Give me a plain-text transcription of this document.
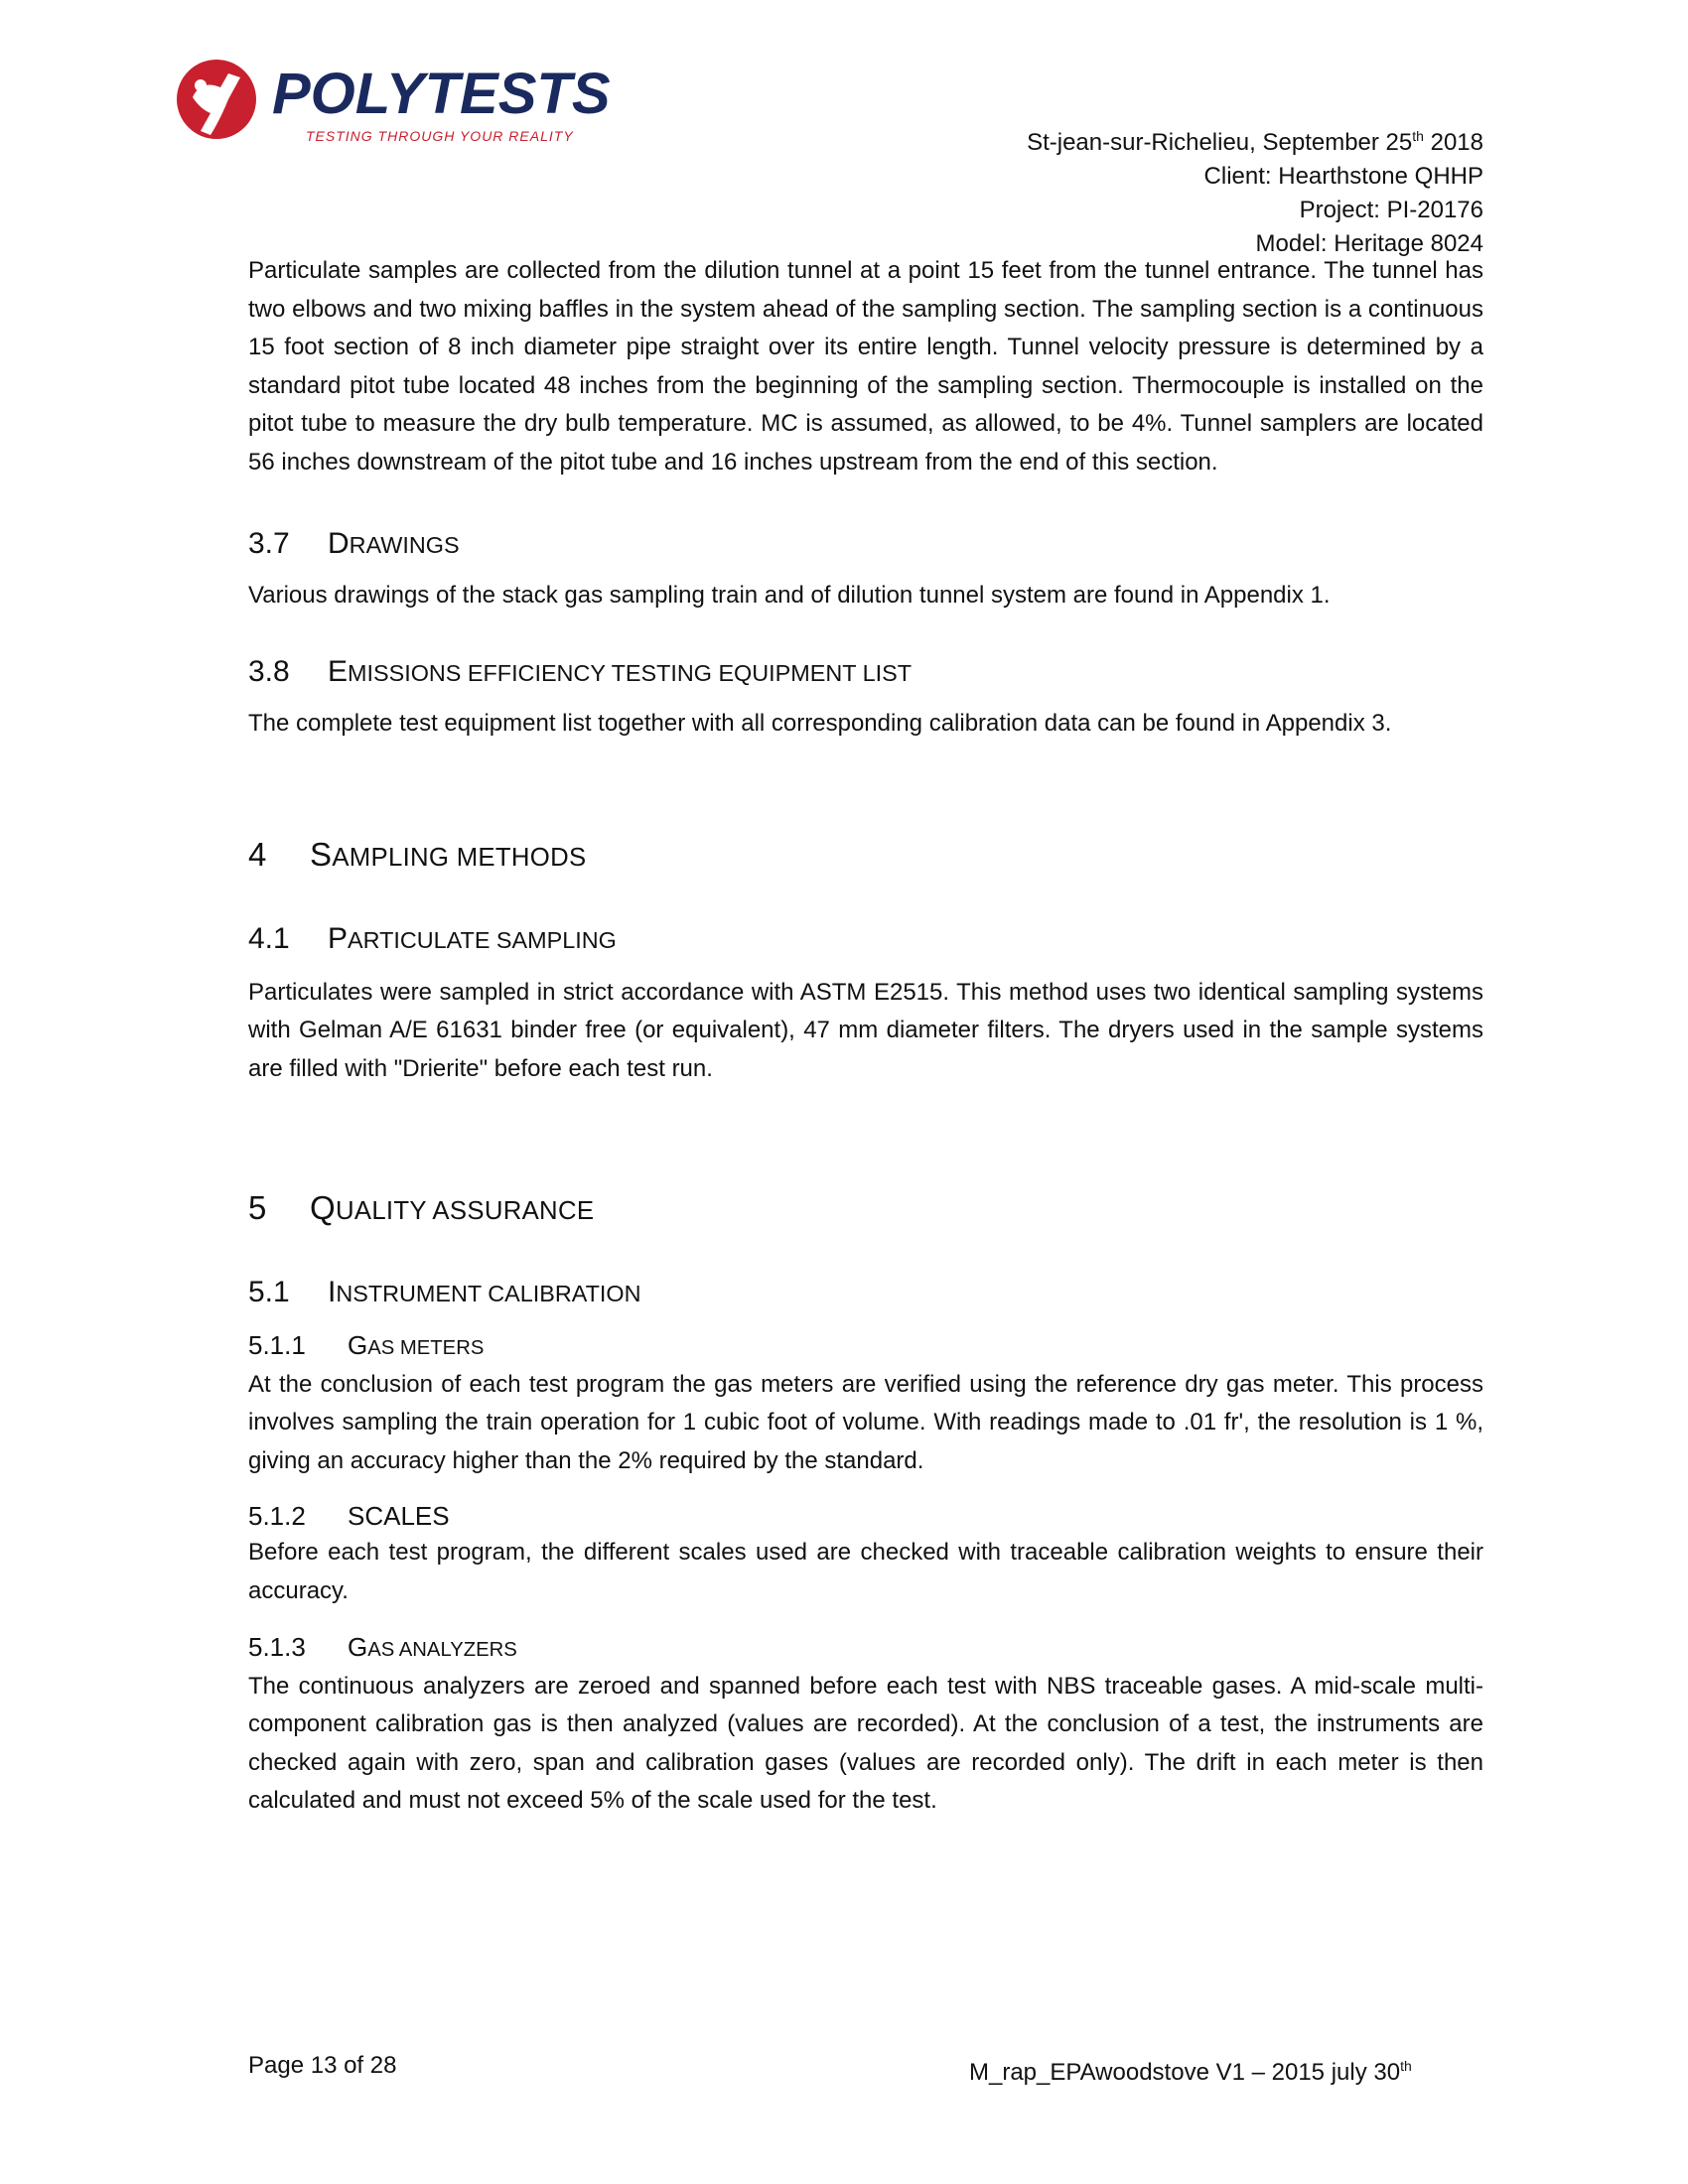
POLYTESTS
TESTING THROUGH YOUR REALITY	St-jean-sur-Richelieu, September 25th 2018
Client: Hearthstone QHHP
Project: PI-20176
Model: Heritage 8024

Particulate samples are collected from the dilution tunnel at a point 15 feet from the tunnel entrance. The tunnel has two elbows and two mixing baffles in the system ahead of the sampling section. The sampling section is a continuous 15 foot section of 8 inch diameter pipe straight over its entire length. Tunnel velocity pressure is determined by a standard pitot tube located 48 inches from the beginning of the sampling section. Thermocouple is installed on the pitot tube to measure the dry bulb temperature. MC is assumed, as allowed, to be 4%. Tunnel samplers are located 56 inches downstream of the pitot tube and 16 inches upstream from the end of this section.

3.7 DRAWINGS

Various drawings of the stack gas sampling train and of dilution tunnel system are found in Appendix 1.

3.8 EMISSIONS EFFICIENCY TESTING EQUIPMENT LIST

The complete test equipment list together with all corresponding calibration data can be found in Appendix 3.

4 SAMPLING METHODS
4.1 PARTICULATE SAMPLING

Particulates were sampled in strict accordance with ASTM E2515. This method uses two identical sampling systems with Gelman A/E 61631 binder free (or equivalent), 47 mm diameter filters. The dryers used in the sample systems are filled with "Drierite" before each test run.

5 QUALITY ASSURANCE
5.1 INSTRUMENT CALIBRATION
5.1.1 GAS METERS

At the conclusion of each test program the gas meters are verified using the reference dry gas meter. This process involves sampling the train operation for 1 cubic foot of volume. With readings made to .01 fr', the resolution is 1 %, giving an accuracy higher than the 2% required by the standard.

5.1.2 SCALES

Before each test program, the different scales used are checked with traceable calibration weights to ensure their accuracy.

5.1.3 GAS ANALYZERS

The continuous analyzers are zeroed and spanned before each test with NBS traceable gases. A mid-scale multi-component calibration gas is then analyzed (values are recorded). At the conclusion of a test, the instruments are checked again with zero, span and calibration gases (values are recorded only). The drift in each meter is then calculated and must not exceed 5% of the scale used for the test.

Page 13 of 28	M_rap_EPAwoodstove V1 – 2015 july 30th
